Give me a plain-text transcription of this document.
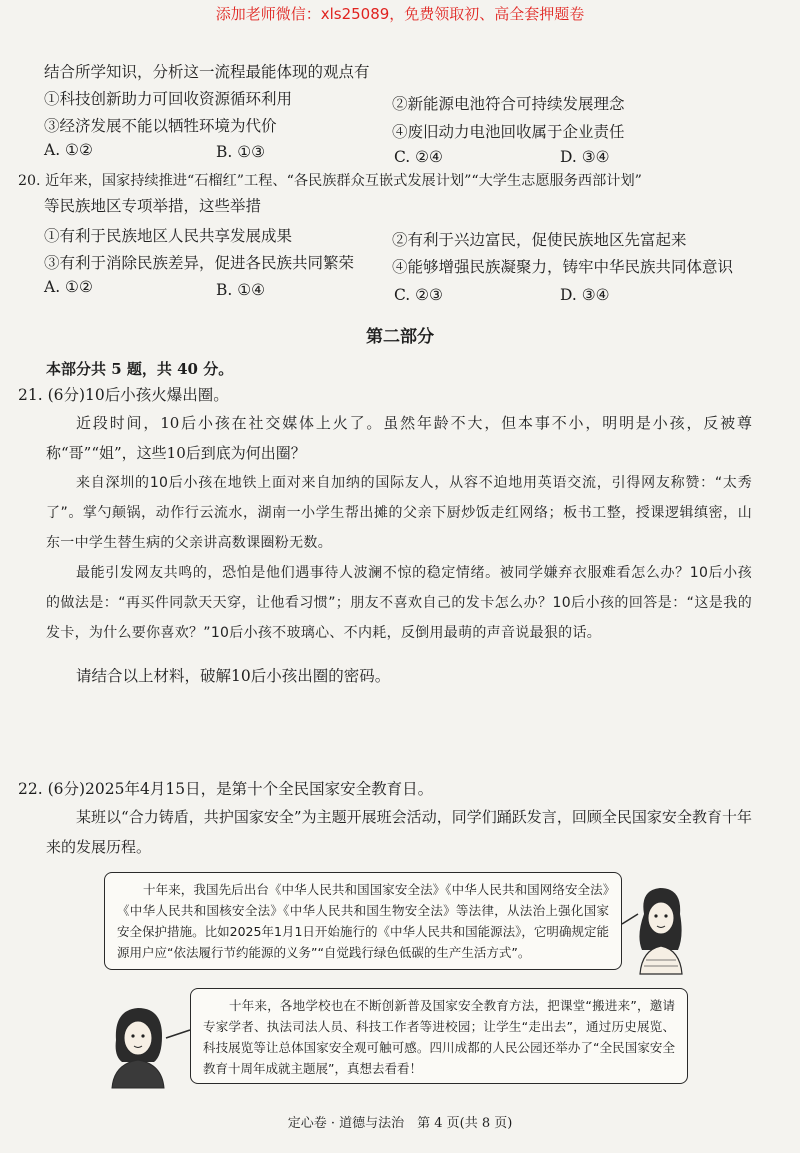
添加老师微信：xls25089，免费领取初、高全套押题卷
结合所学知识，分析这一流程最能体现的观点有
①科技创新助力可回收资源循环利用	②新能源电池符合可持续发展理念
③经济发展不能以牺牲环境为代价	④废旧动力电池回收属于企业责任
A. ①②	B. ①③	C. ②④	D. ③④
20. 近年来，国家持续推进“石榴红”工程、“各民族群众互嵌式发展计划”“大学生志愿服务西部计划”
等民族地区专项举措，这些举措
①有利于民族地区人民共享发展成果	②有利于兴边富民，促使民族地区先富起来
③有利于消除民族差异，促进各民族共同繁荣 ④能够增强民族凝聚力，铸牢中华民族共同体意识
A. ①②	B. ①④	C. ②③	D. ③④
第二部分
本部分共 5 题，共 40 分。
21. (6分)10后小孩火爆出圈。
近段时间，10后小孩在社交媒体上火了。虽然年龄不大，但本事不小，明明是小孩，反被尊称“哥”“姐”，这些10后到底为何出圈？
来自深圳的10后小孩在地铁上面对来自加纳的国际友人，从容不迫地用英语交流，引得网友称赞：“太秀了”。掌勺颠锅，动作行云流水，湖南一小学生帮出摊的父亲下厨炒饭走红网络；板书工整，授课逻辑缜密，山东一中学生替生病的父亲讲高数课圈粉无数。
最能引发网友共鸣的，恐怕是他们遇事待人波澜不惊的稳定情绪。被同学嫌弃衣服难看怎么办？10后小孩的做法是：“再买件同款天天穿，让他看习惯”；朋友不喜欢自己的发卡怎么办？10后小孩的回答是：“这是我的发卡，为什么要你喜欢？”10后小孩不玻璃心、不内耗，反倒用最萌的声音说最狠的话。
请结合以上材料，破解10后小孩出圈的密码。
22. (6分)2025年4月15日，是第十个全民国家安全教育日。
某班以“合力铸盾，共护国家安全”为主题开展班会活动，同学们踊跃发言，回顾全民国家安全教育十年来的发展历程。

十年来，我国先后出台《中华人民共和国国家安全法》《中华人民共和国网络安全法》《中华人民共和国核安全法》《中华人民共和国生物安全法》等法律，从法治上强化国家安全保护措施。比如2025年1月1日开始施行的《中华人民共和国能源法》，它明确规定能源用户应“依法履行节约能源的义务”“自觉践行绿色低碳的生产生活方式”。

十年来，各地学校也在不断创新普及国家安全教育方法，把课堂“搬进来”，邀请专家学者、执法司法人员、科技工作者等进校园；让学生“走出去”，通过历史展览、科技展览等让总体国家安全观可触可感。四川成都的人民公园还举办了“全民国家安全教育十周年成就主题展”，真想去看看！

定心卷 · 道德与法治　第 4 页(共 8 页)
